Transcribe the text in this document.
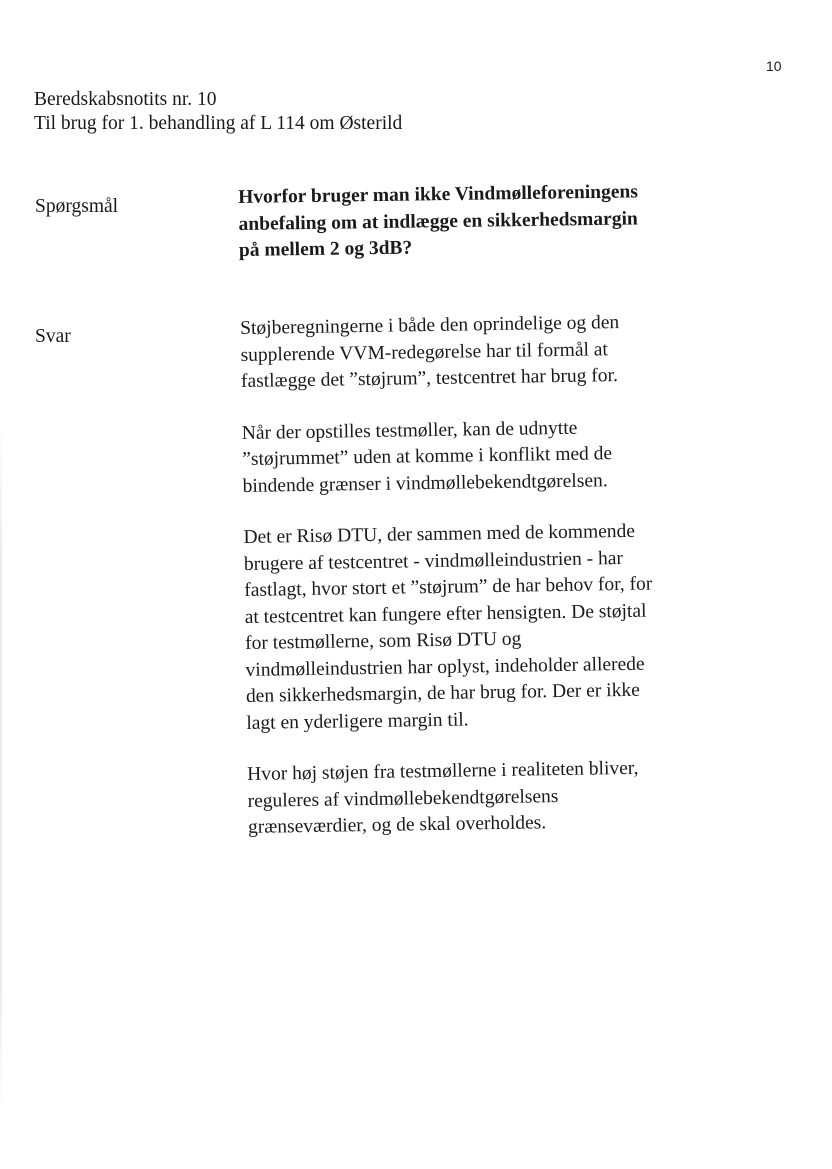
10
Beredskabsnotits nr. 10
Til brug for 1. behandling af L 114 om Østerild
Spørgsmål	Hvorfor bruger man ikke Vindmølleforeningens
anbefaling om at indlægge en sikkerhedsmargin
på mellem 2 og 3dB?
Svar	Støjberegningerne i både den oprindelige og den
supplerende VVM-redegørelse har til formål at
fastlægge det ”støjrum”, testcentret har brug for.
Når der opstilles testmøller, kan de udnytte
”støjrummet” uden at komme i konflikt med de
bindende grænser i vindmøllebekendtgørelsen.
Det er Risø DTU, der sammen med de kommende
brugere af testcentret - vindmølleindustrien - har
fastlagt, hvor stort et ”støjrum” de har behov for, for
at testcentret kan fungere efter hensigten. De støjtal
for testmøllerne, som Risø DTU og
vindmølleindustrien har oplyst, indeholder allerede
den sikkerhedsmargin, de har brug for. Der er ikke
lagt en yderligere margin til.
Hvor høj støjen fra testmøllerne i realiteten bliver,
reguleres af vindmøllebekendtgørelsens
grænseværdier, og de skal overholdes.
